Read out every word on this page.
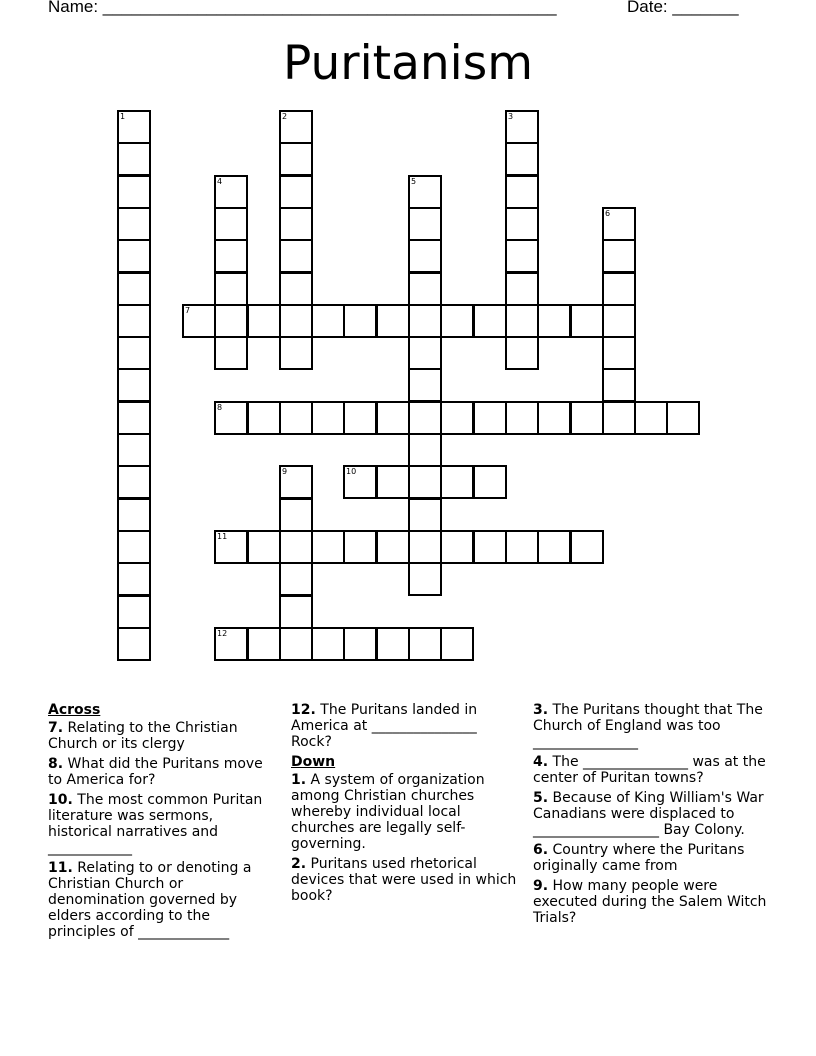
Name: ________________________________________________	Date: _______
Puritanism
1	2	3
4	5
6
7
8
9	10
11
12
Across
7. Relating to the Christian Church or its clergy
8. What did the Puritans move to America for?
10. The most common Puritan literature was sermons, historical narratives and ____________
11. Relating to or denoting a Christian Church or denomination governed by elders according to the principles of _____________
12. The Puritans landed in America at _______________ Rock?
Down
1. A system of organization among Christian churches whereby individual local churches are legally self-governing.
2. Puritans used rhetorical devices that were used in which book?
3. The Puritans thought that The Church of England was too _______________
4. The _______________ was at the center of Puritan towns?
5. Because of King William's War Canadians were displaced to __________________ Bay Colony.
6. Country where the Puritans originally came from
9. How many people were executed during the Salem Witch Trials?
